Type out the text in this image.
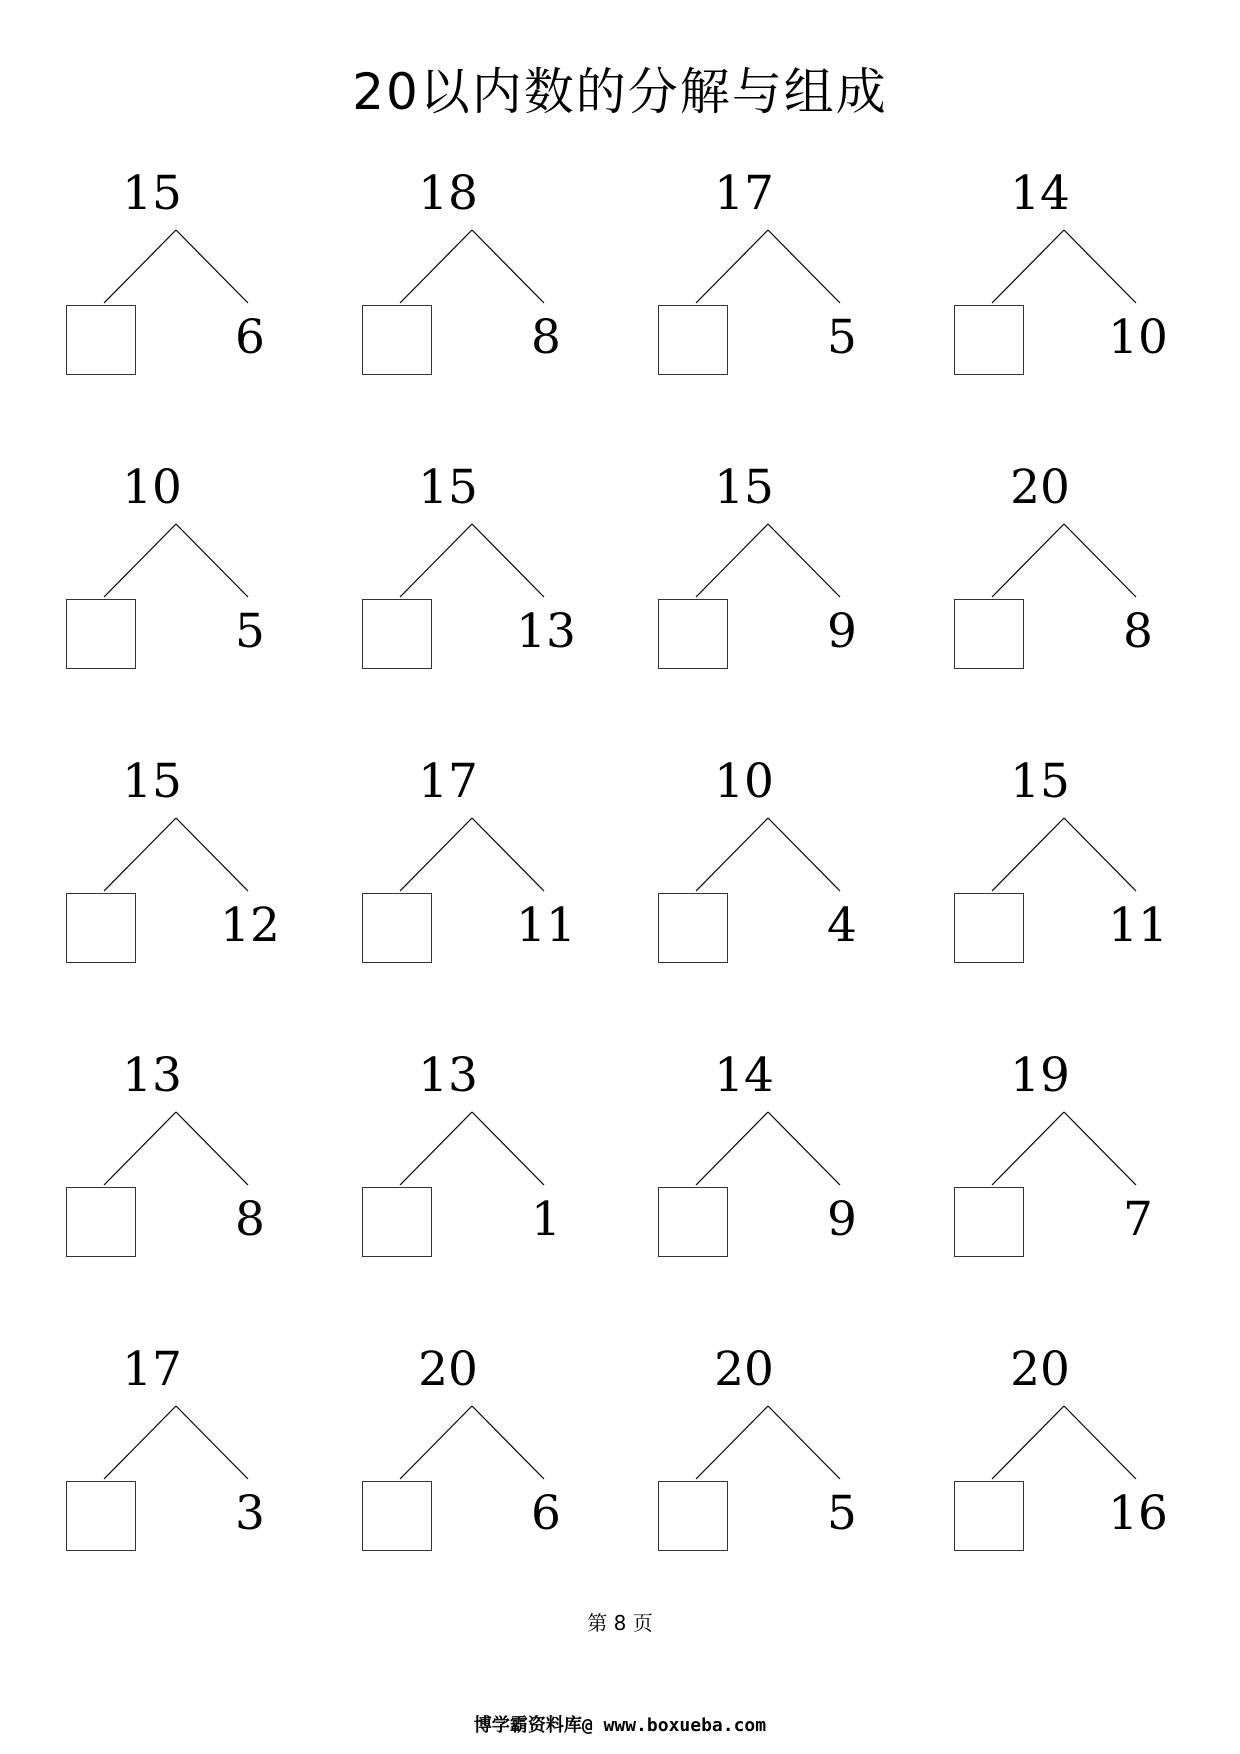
20以内数的分解与组成
15
6
18
8
17
5
14
10
10
5
15
13
15
9
20
8
15
12
17
11
10
4
15
11
13
8
13
1
14
9
19
7
17
3
20
6
20
5
20
16
第 8 页
博学霸资料库@ www.boxueba.com
